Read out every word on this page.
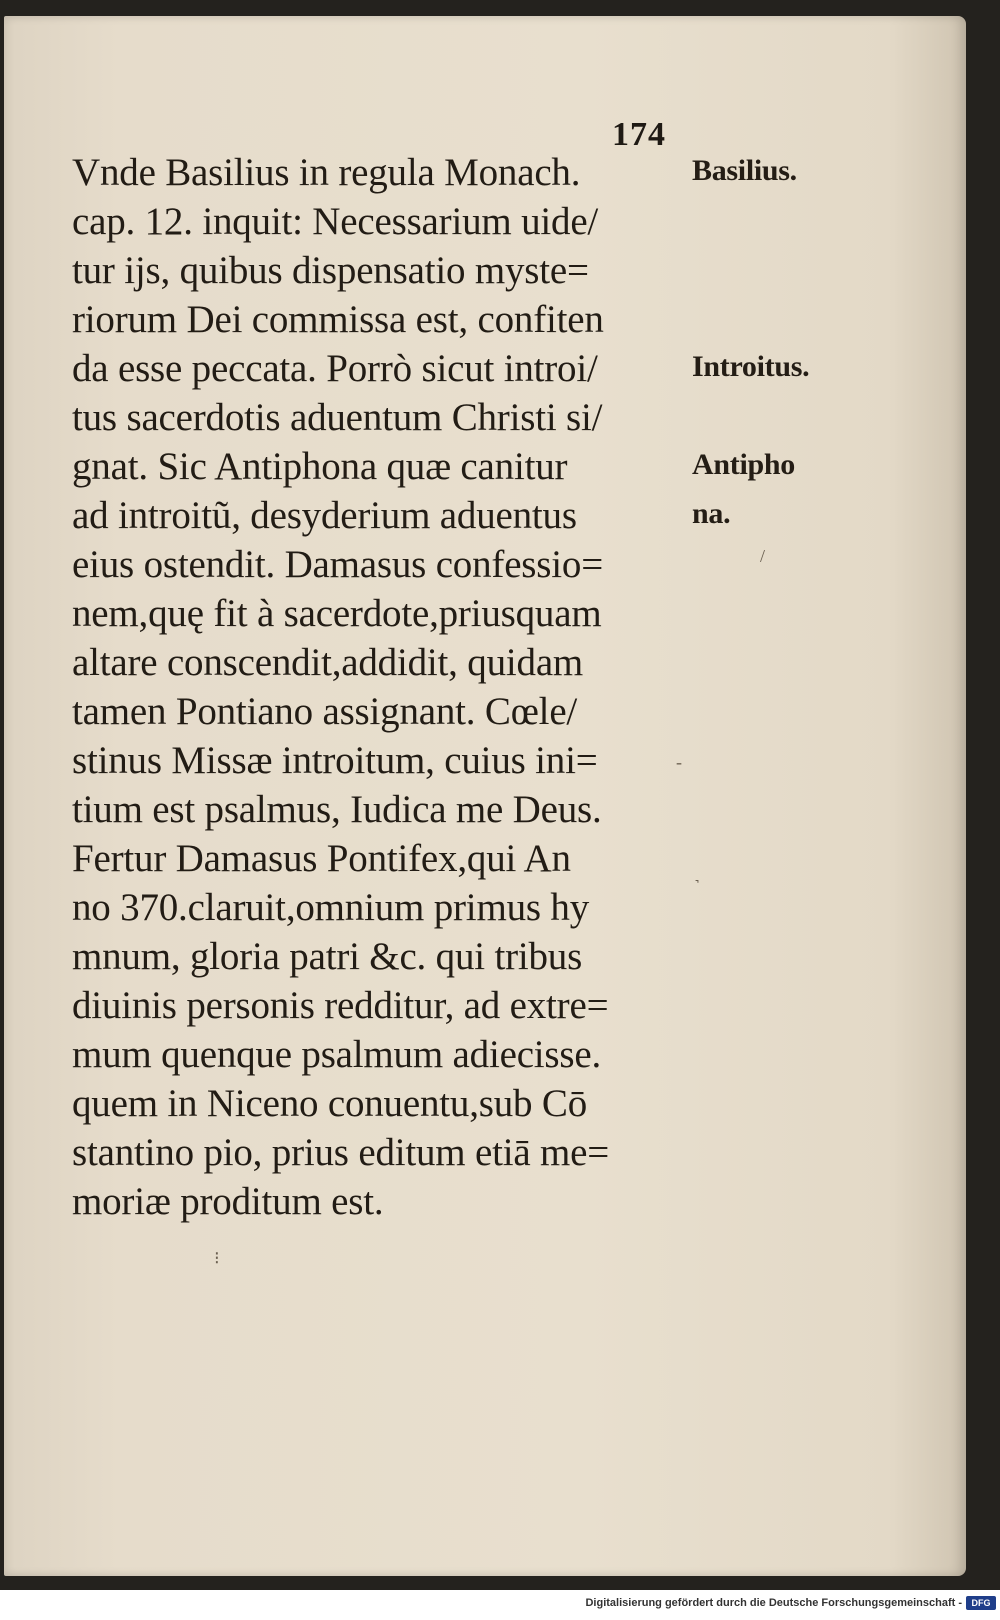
174
Vnde Basilius in regula Monach.
cap. 12. inquit: Necessarium uide/
tur ijs, quibus dispensatio myste=
riorum Dei commissa est, confiten
da esse peccata. Porrò sicut introi/
tus sacerdotis aduentum Christi si/
gnat. Sic Antiphona quæ canitur
ad introitũ, desyderium aduentus
eius ostendit. Damasus confessio=
nem,quę fit à sacerdote,priusquam
altare conscendit,addidit, quidam
tamen Pontiano assignant. Cœle/
stinus Missæ introitum, cuius ini=
tium est psalmus, Iudica me Deus.
Fertur Damasus Pontifex,qui An
no 370.claruit,omnium primus hy
mnum, gloria patri &c. qui tribus
diuinis personis redditur, ad extre=
mum quenque psalmum adiecisse.
quem in Niceno conuentu,sub Cō
stantino pio, prius editum etiā me=
moriæ proditum est.
Basilius.
Introitus.
Antipho
na.
/
-
˺
⁝
Digitalisierung gefördert durch die Deutsche Forschungsgemeinschaft -	DFG
